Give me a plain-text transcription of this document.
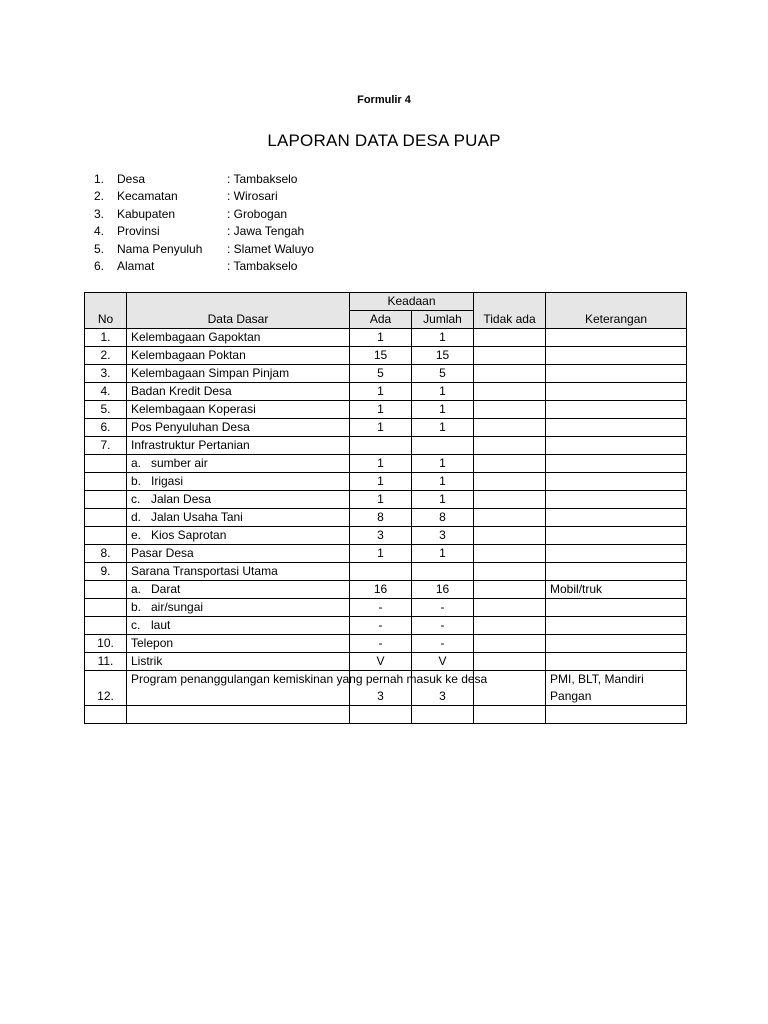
Formulir 4
LAPORAN DATA DESA PUAP
1.	Desa	: Tambakselo
2.	Kecamatan	: Wirosari
3.	Kabupaten	: Grobogan
4.	Provinsi	: Jawa Tengah
5.	Nama Penyuluh	: Slamet Waluyo
6.	Alamat	: Tambakselo
No	Data Dasar	Keadaan		Tidak ada	Keterangan
		Ada	Jumlah		
1.	Kelembagaan Gapoktan	1	1		
2.	Kelembagaan Poktan	15	15		
3.	Kelembagaan Simpan Pinjam	5	5		
4.	Badan Kredit Desa	1	1		
5.	Kelembagaan Koperasi	1	1		
6.	Pos Penyuluhan Desa	1	1		
7.	Infrastruktur Pertanian				
	a. sumber air	1	1		
	b. Irigasi	1	1		
	c. Jalan Desa	1	1		
	d. Jalan Usaha Tani	8	8		
	e. Kios Saprotan	3	3		
8.	Pasar Desa	1	1		
9.	Sarana Transportasi Utama				
	a. Darat	16	16		Mobil/truk
	b. air/sungai	-	-		
	c. laut	-	-		
10.	Telepon	-	-		
11.	Listrik	V	V		
12.	Program penanggulangan kemiskinan yang pernah masuk ke desa	3	3		PMI, BLT, Mandiri Pangan
